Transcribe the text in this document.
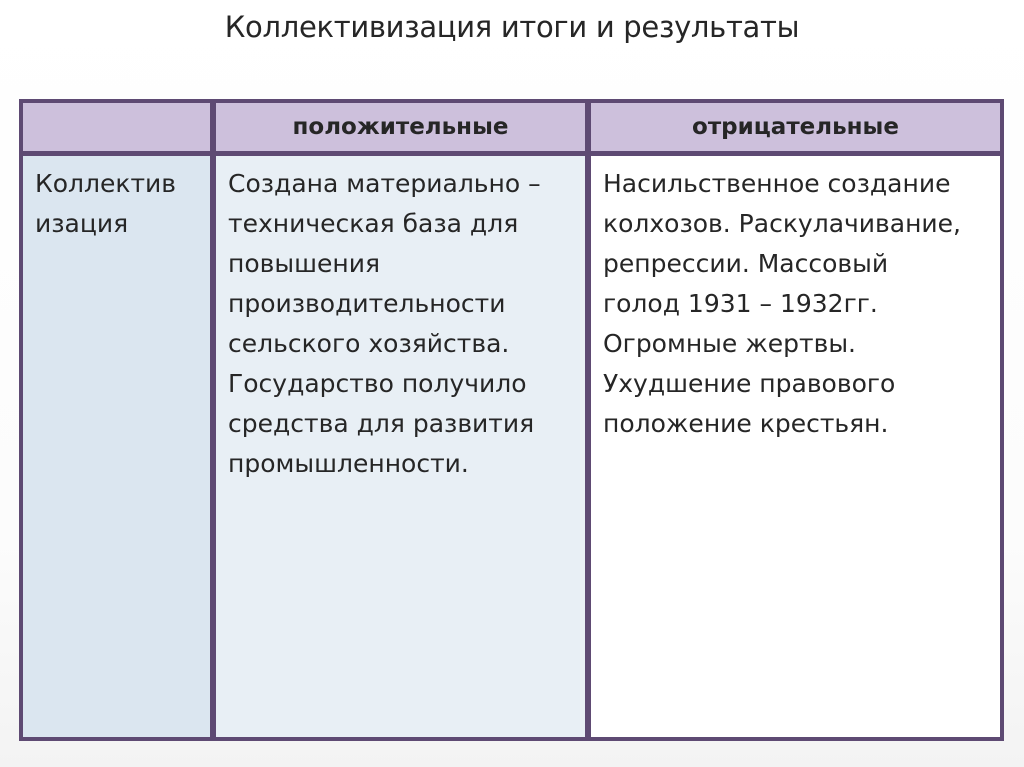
Коллективизация итоги и результаты
положительные	отрицательные
Коллектив
изация
Создана материально –
техническая база для
повышения
производительности
сельского хозяйства.
Государство получило
средства для развития
промышленности.
Насильственное создание
колхозов. Раскулачивание,
репрессии. Массовый
голод 1931 – 1932гг.
Огромные жертвы.
Ухудшение правового
положение крестьян.
